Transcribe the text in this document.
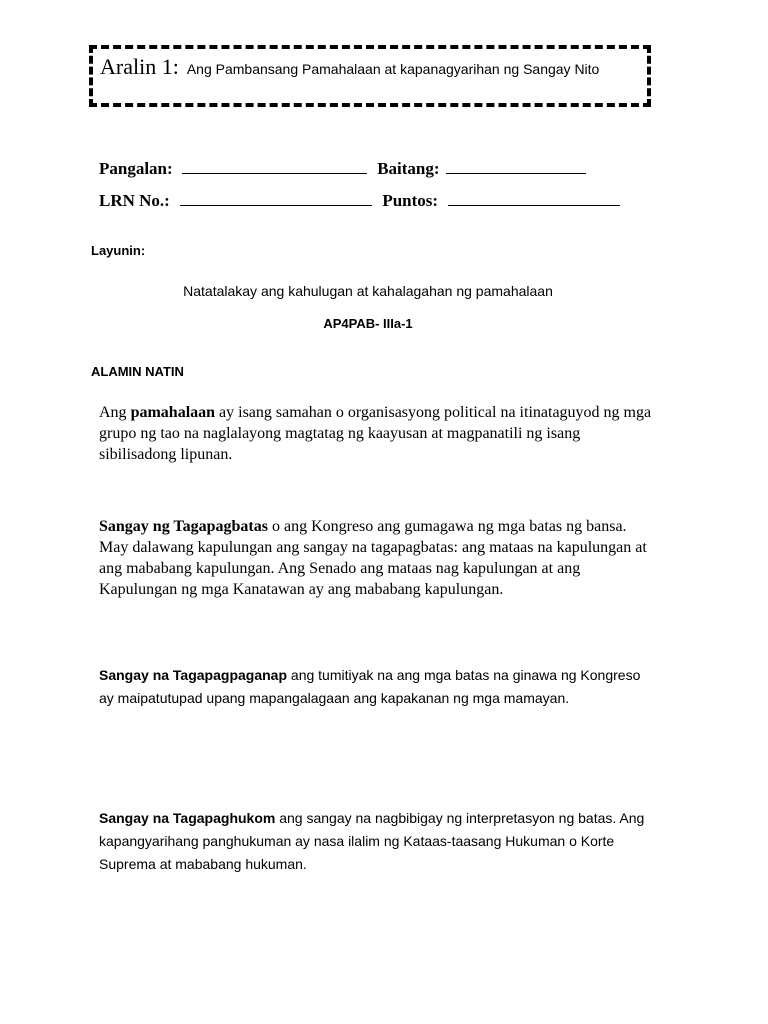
Aralin 1: Ang Pambansang Pamahalaan at kapanagyarihan ng Sangay Nito
Pangalan:	Baitang:
LRN No.:	Puntos:
Layunin:
Natatalakay ang kahulugan at kahalagahan ng pamahalaan
AP4PAB- IIIa-1
ALAMIN NATIN
Ang pamahalaan ay isang samahan o organisasyong political na itinataguyod ng mga grupo ng tao na naglalayong magtatag ng kaayusan at magpanatili ng isang sibilisadong lipunan.
Sangay ng Tagapagbatas o ang Kongreso ang gumagawa ng mga batas ng bansa. May dalawang kapulungan ang sangay na tagapagbatas: ang mataas na kapulungan at ang mababang kapulungan. Ang Senado ang mataas nag kapulungan at ang Kapulungan ng mga Kanatawan ay ang mababang kapulungan.
Sangay na Tagapagpaganap ang tumitiyak na ang mga batas na ginawa ng Kongreso ay maipatutupad upang mapangalagaan ang kapakanan ng mga mamayan.
Sangay na Tagapaghukom ang sangay na nagbibigay ng interpretasyon ng batas. Ang kapangyarihang panghukuman ay nasa ilalim ng Kataas-taasang Hukuman o Korte Suprema at mababang hukuman.
